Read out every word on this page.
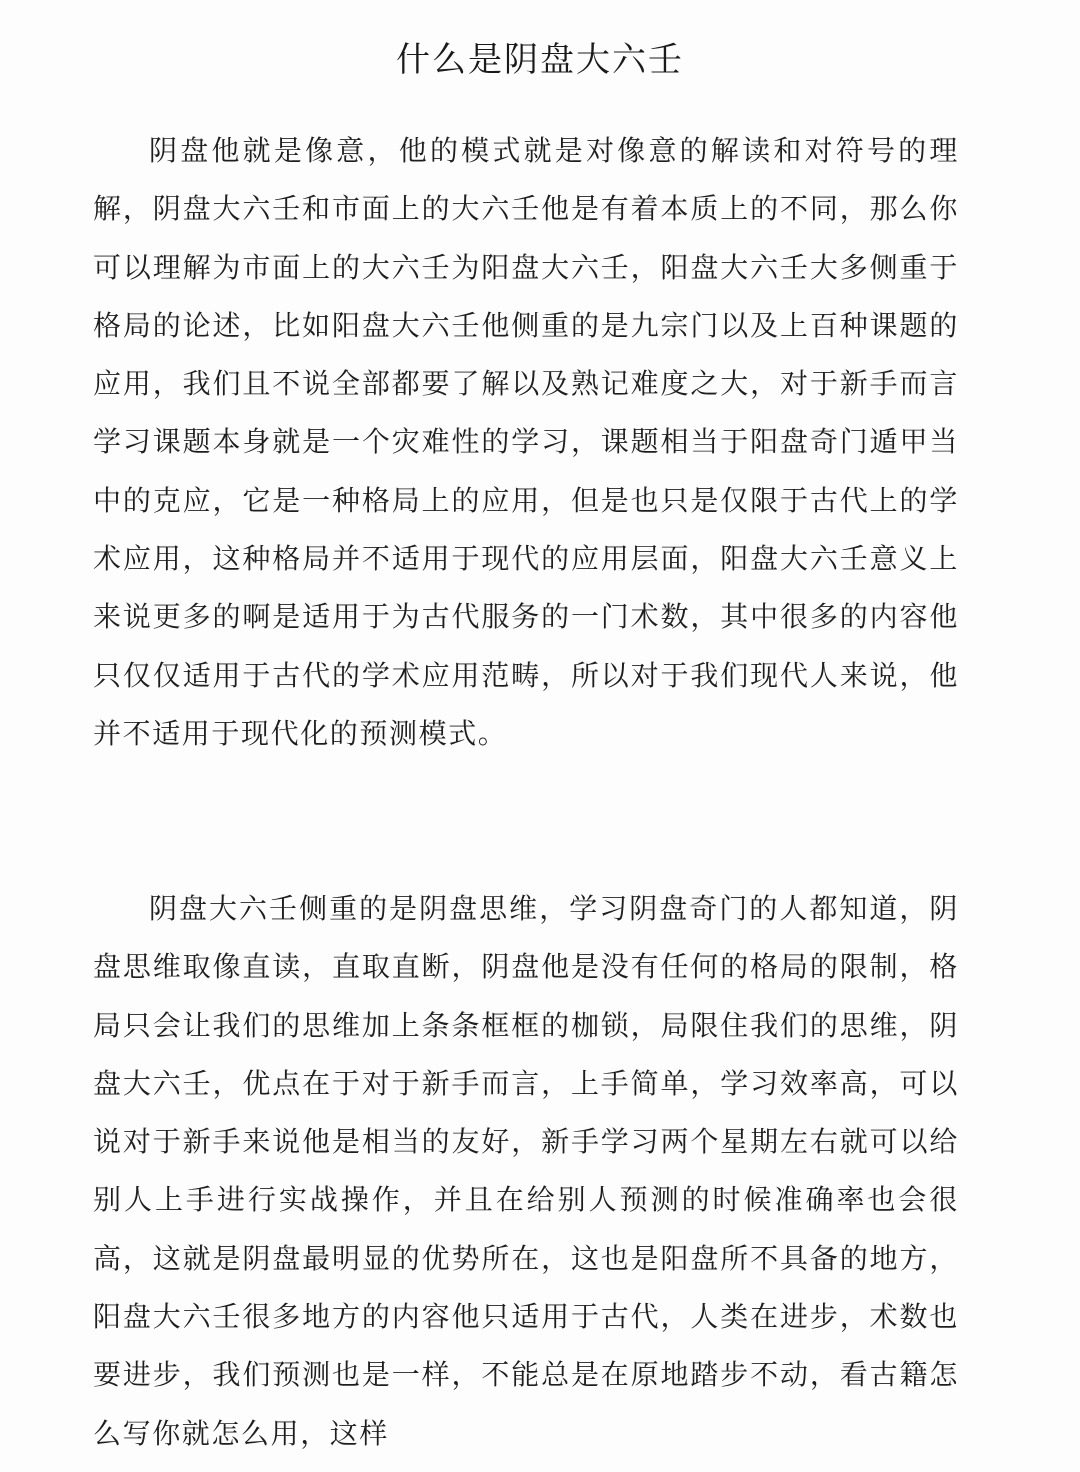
什么是阴盘大六壬

阴盘他就是像意，他的模式就是对像意的解读和对符号的理解，阴盘大六壬和市面上的大六壬他是有着本质上的不同，那么你可以理解为市面上的大六壬为阳盘大六壬，阳盘大六壬大多侧重于格局的论述，比如阳盘大六壬他侧重的是九宗门以及上百种课题的应用，我们且不说全部都要了解以及熟记难度之大，对于新手而言学习课题本身就是一个灾难性的学习，课题相当于阳盘奇门遁甲当中的克应，它是一种格局上的应用，但是也只是仅限于古代上的学术应用，这种格局并不适用于现代的应用层面，阳盘大六壬意义上来说更多的啊是适用于为古代服务的一门术数，其中很多的内容他只仅仅适用于古代的学术应用范畴，所以对于我们现代人来说，他并不适用于现代化的预测模式。

阴盘大六壬侧重的是阴盘思维，学习阴盘奇门的人都知道，阴盘思维取像直读，直取直断，阴盘他是没有任何的格局的限制，格局只会让我们的思维加上条条框框的枷锁，局限住我们的思维，阴盘大六壬，优点在于对于新手而言，上手简单，学习效率高，可以说对于新手来说他是相当的友好，新手学习两个星期左右就可以给别人上手进行实战操作，并且在给别人预测的时候准确率也会很高，这就是阴盘最明显的优势所在，这也是阳盘所不具备的地方，阳盘大六壬很多地方的内容他只适用于古代，人类在进步，术数也要进步，我们预测也是一样，不能总是在原地踏步不动，看古籍怎么写你就怎么用，这样
